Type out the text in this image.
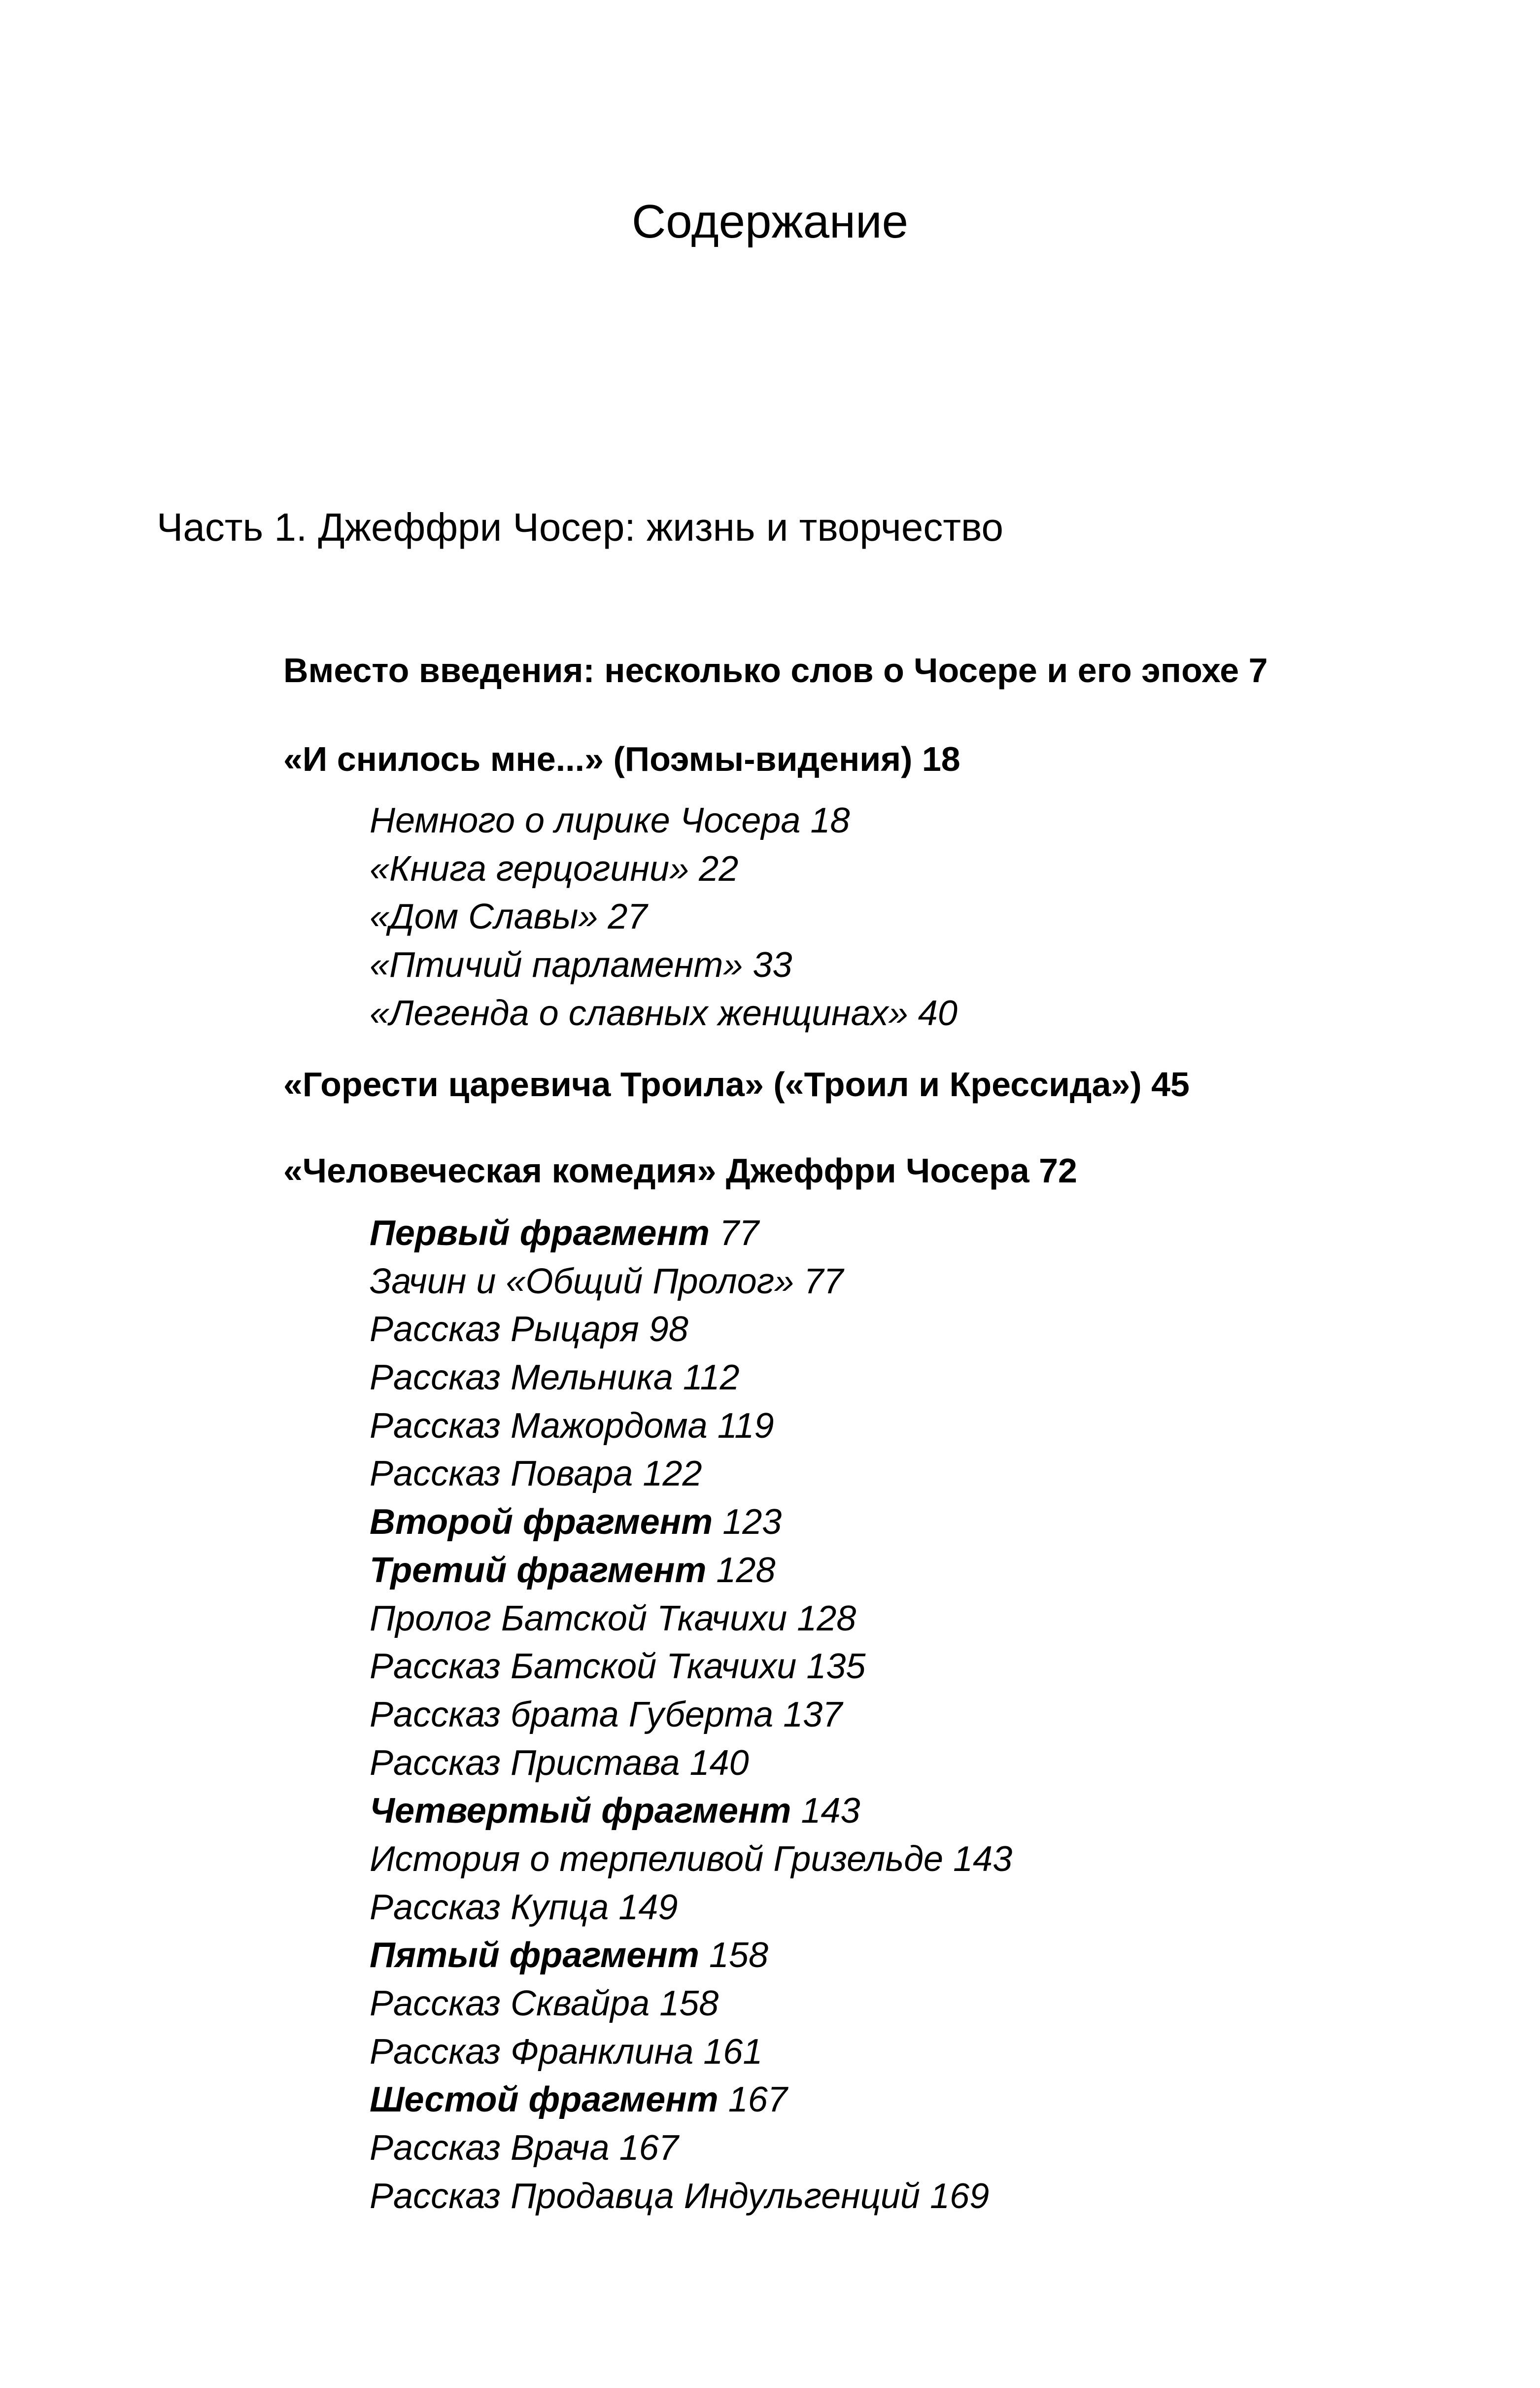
Содержание
Часть 1. Джеффри Чосер: жизнь и творчество
Вместо введения: несколько слов о Чосере и его эпохе 7
«И снилось мне...» (Поэмы-видения) 18
Немного о лирике Чосера 18
«Книга герцогини» 22
«Дом Славы» 27
«Птичий парламент» 33
«Легенда о славных женщинах» 40
«Горести царевича Троила» («Троил и Крессида») 45
«Человеческая комедия» Джеффри Чосера 72
Первый фрагмент 77
Зачин и «Общий Пролог» 77
Рассказ Рыцаря 98
Рассказ Мельника 112
Рассказ Мажордома 119
Рассказ Повара 122
Второй фрагмент 123
Третий фрагмент 128
Пролог Батской Ткачихи 128
Рассказ Батской Ткачихи 135
Рассказ брата Губерта 137
Рассказ Пристава 140
Четвертый фрагмент 143
История о терпеливой Гризельде 143
Рассказ Купца 149
Пятый фрагмент 158
Рассказ Сквайра 158
Рассказ Франклина 161
Шестой фрагмент 167
Рассказ Врача 167
Рассказ Продавца Индульгенций 169
